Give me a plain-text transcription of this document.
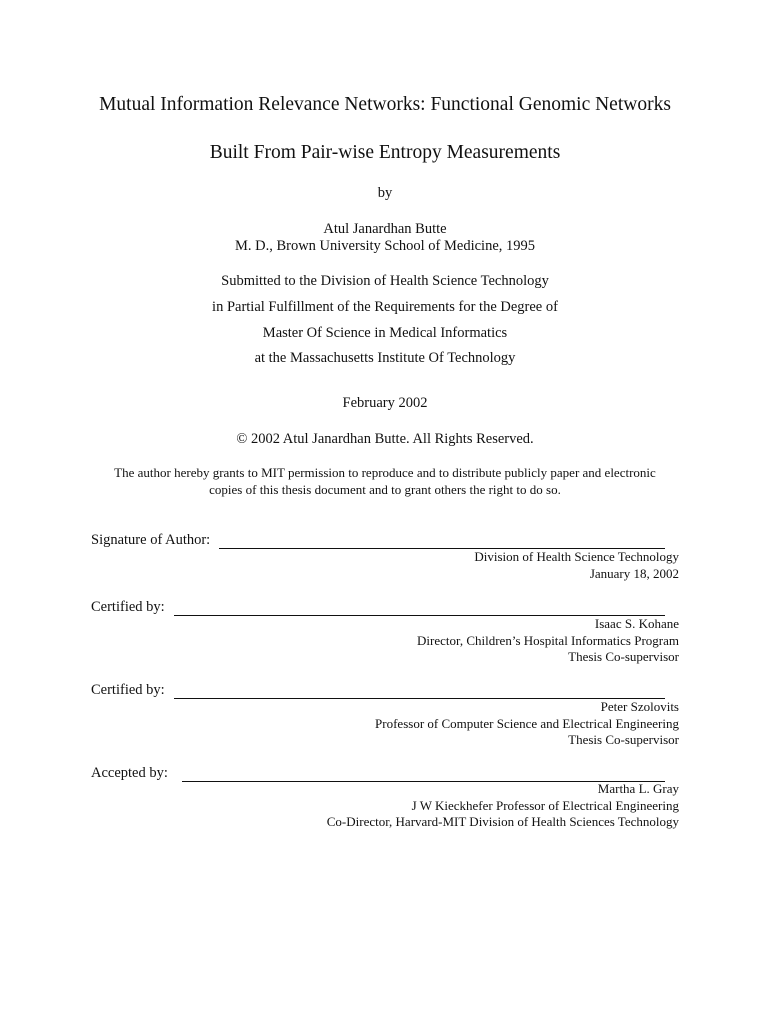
Mutual Information Relevance Networks: Functional Genomic Networks
Built From Pair-wise Entropy Measurements
by
Atul Janardhan Butte
M. D., Brown University School of Medicine, 1995
Submitted to the Division of Health Science Technology
in Partial Fulfillment of the Requirements for the Degree of
Master Of Science in Medical Informatics
at the Massachusetts Institute Of Technology
February 2002
© 2002 Atul Janardhan Butte. All Rights Reserved.
The author hereby grants to MIT permission to reproduce and to distribute publicly paper and electronic
copies of this thesis document and to grant others the right to do so.
Signature of Author:
Division of Health Science Technology
January 18, 2002
Certified by:
Isaac S. Kohane
Director, Children’s Hospital Informatics Program
Thesis Co-supervisor
Certified by:
Peter Szolovits
Professor of Computer Science and Electrical Engineering
Thesis Co-supervisor
Accepted by:
Martha L. Gray
J W Kieckhefer Professor of Electrical Engineering
Co-Director, Harvard-MIT Division of Health Sciences Technology
